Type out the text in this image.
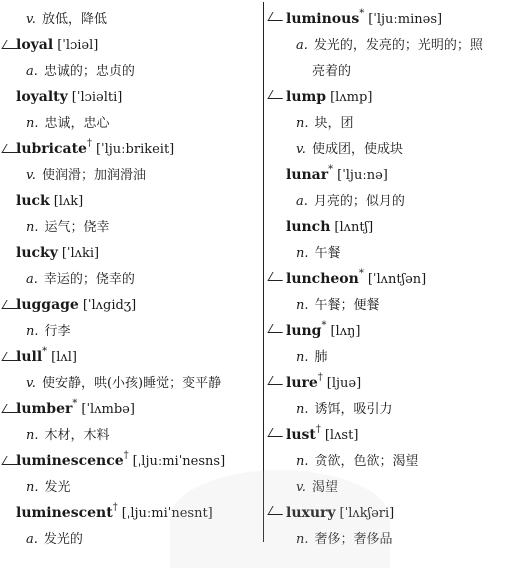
v. 放低，降低
loyal [ˈlɔiəl]
a. 忠诚的；忠贞的
loyalty [ˈlɔiəlti]
n. 忠诚，忠心
lubricate† [ˈljuːbrikeit]
v. 使润滑；加润滑油
luck [lʌk]
n. 运气；侥幸
lucky [ˈlʌki]
a. 幸运的；侥幸的
luggage [ˈlʌgidʒ]
n. 行李
lull* [lʌl]
v. 使安静，哄(小孩)睡觉；变平静
lumber* [ˈlʌmbə]
n. 木材，木料
luminescence† [ˌljuːmiˈnesns]
n. 发光
luminescent† [ˌljuːmiˈnesnt]
a. 发光的
luminous* [ˈljuːminəs]
a. 发光的，发亮的；光明的；照
亮着的
lump [lʌmp]
n. 块，团
v. 使成团，使成块
lunar* [ˈljuːnə]
a. 月亮的；似月的
lunch [lʌntʃ]
n. 午餐
luncheon* [ˈlʌntʃən]
n. 午餐；便餐
lung* [lʌŋ]
n. 肺
lure† [ljuə]
n. 诱饵，吸引力
lust† [lʌst]
n. 贪欲，色欲；渴望
v. 渴望
luxury [ˈlʌkʃəri]
n. 奢侈；奢侈品
